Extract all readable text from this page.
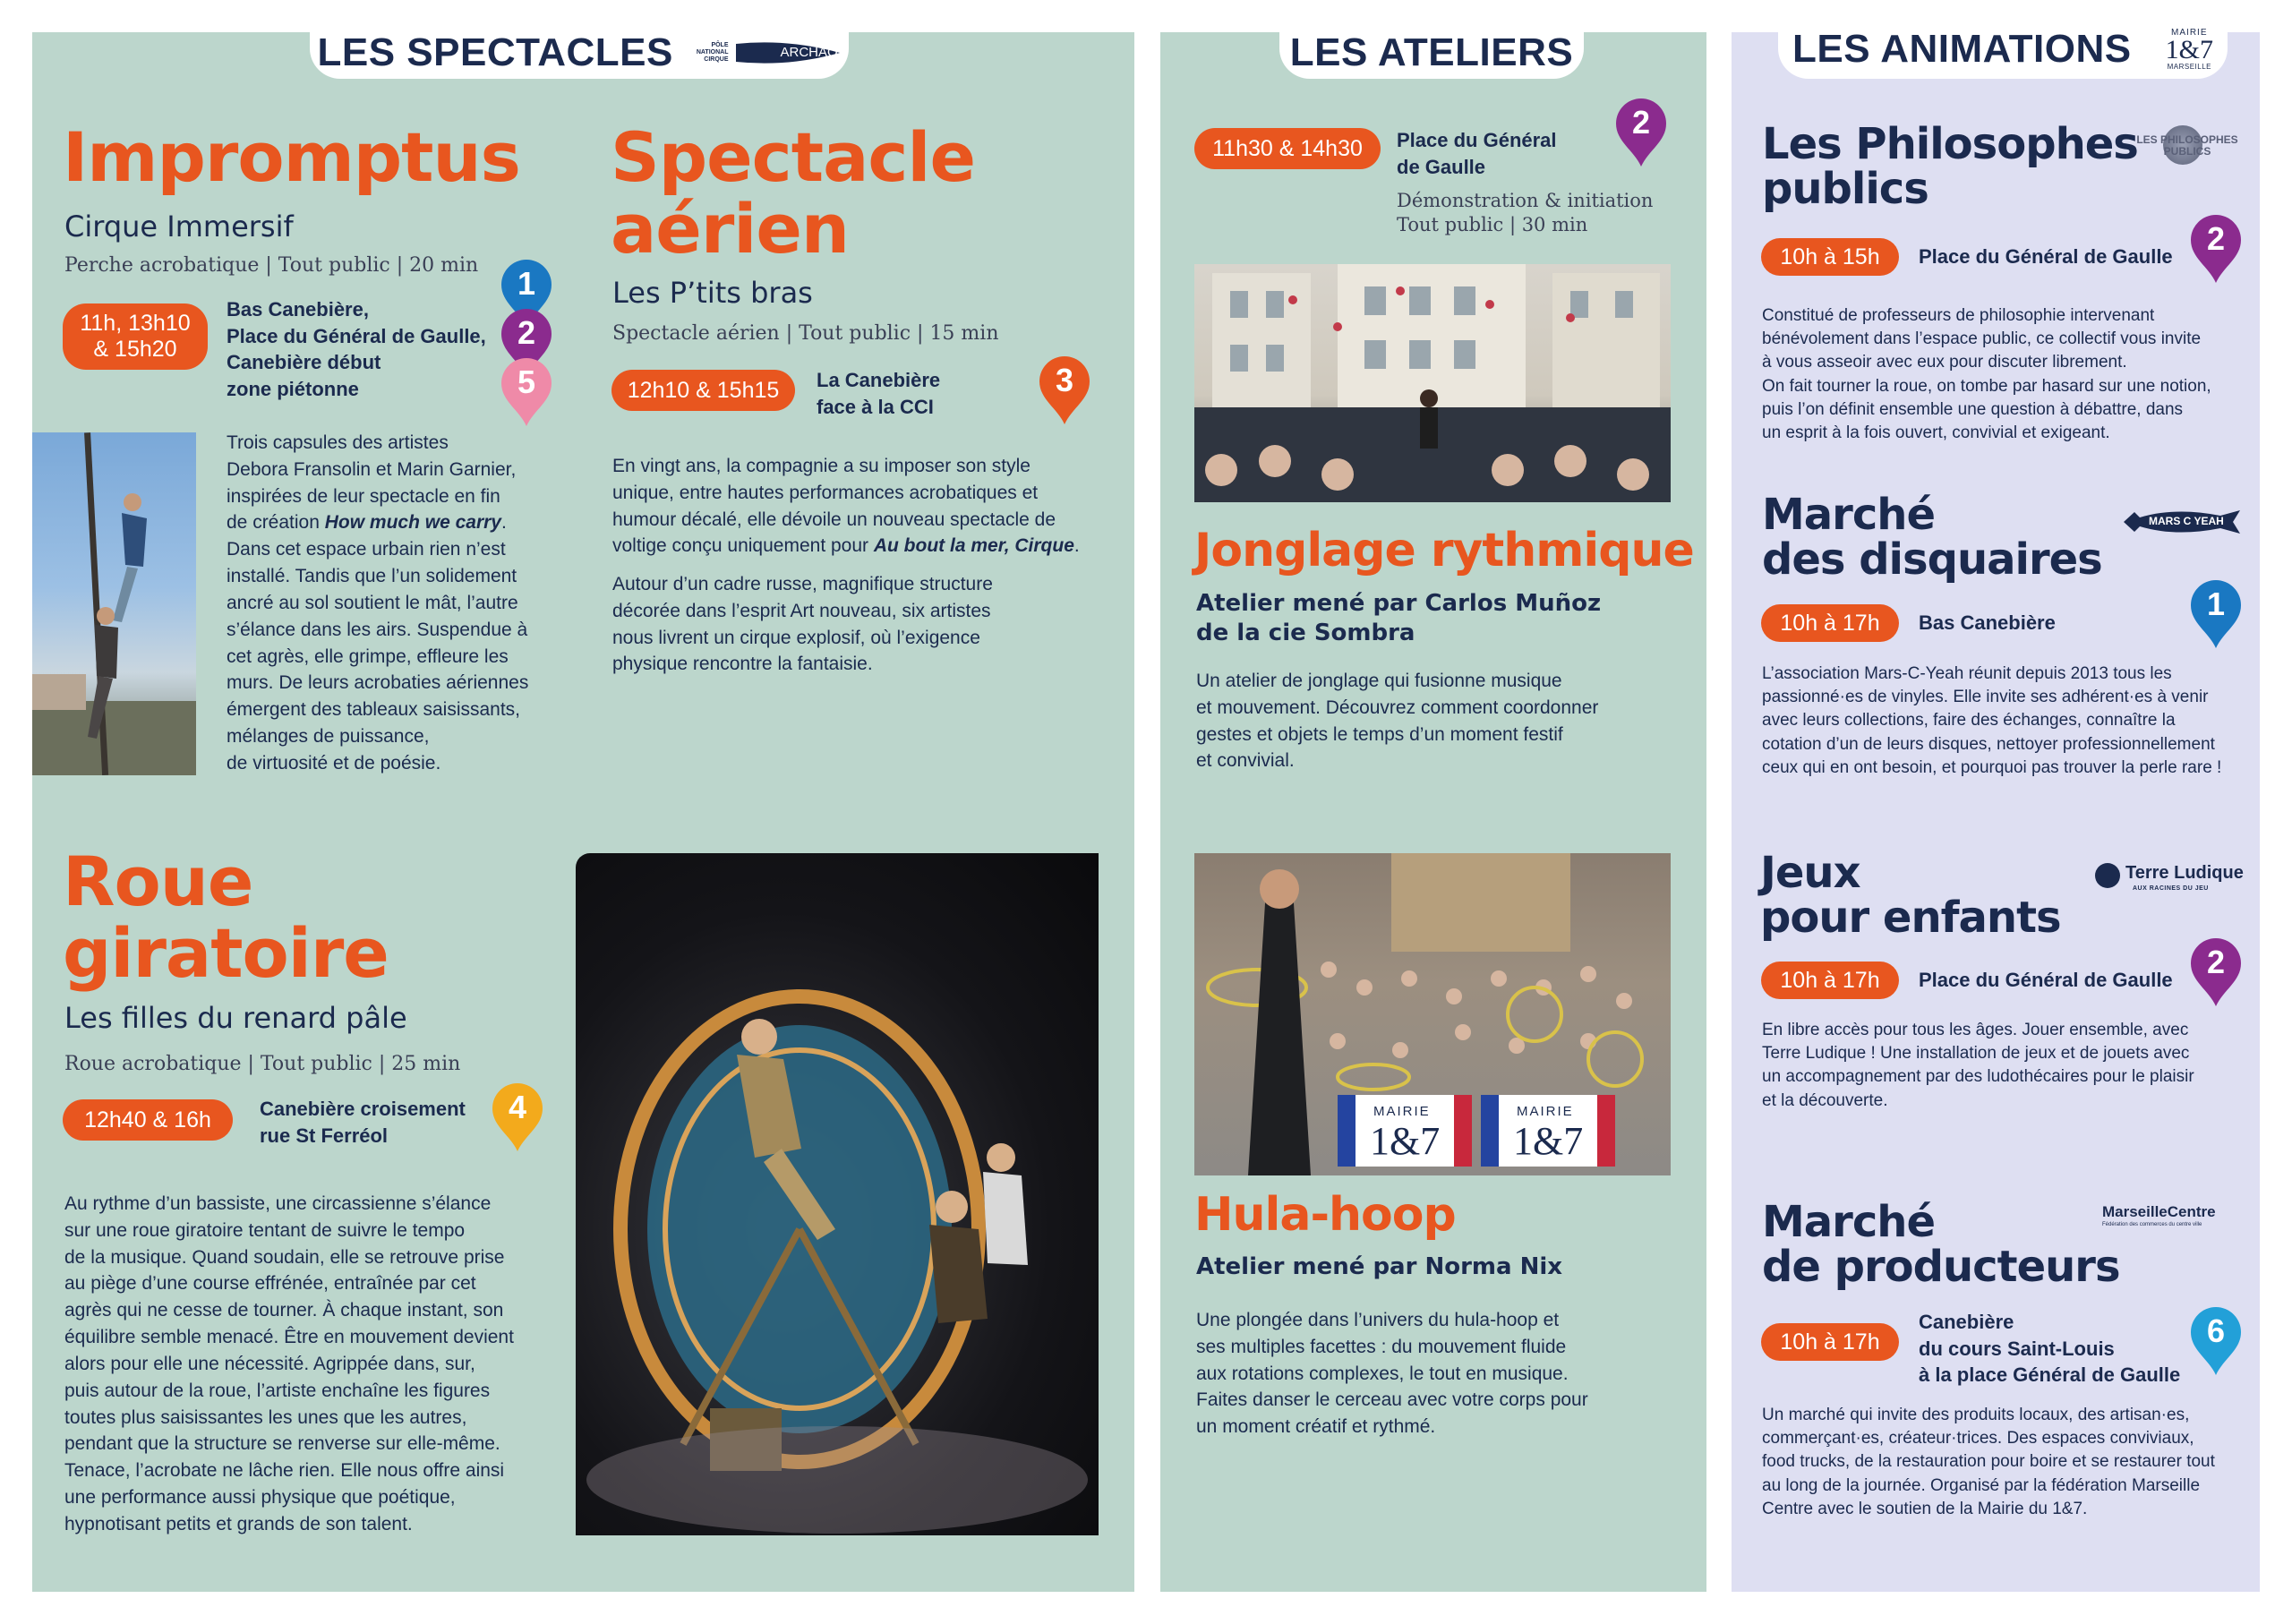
LES SPECTACLES	PÔLE
NATIONAL
CIRQUE	ARCHAOS	LES ATELIERS	LES ANIMATIONS	MAIRIE
1&7
MARSEILLE
Impromptus
Cirque Immersif
Perche acrobatique | Tout public | 20 min
11h, 13h10
& 15h20
Bas Canebière,
Place du Général de Gaulle,
Canebière début
zone piétonne
1
2
5
Trois capsules des artistes
Debora Fransolin et Marin Garnier,
inspirées de leur spectacle en fin
de création How much we carry.
Dans cet espace urbain rien n’est
installé. Tandis que l’un solidement
ancré au sol soutient le mât, l’autre
s’élance dans les airs. Suspendue à
cet agrès, elle grimpe, effleure les
murs. De leurs acrobaties aériennes
émergent des tableaux saisissants,
mélanges de puissance,
de virtuosité et de poésie.
Spectacle
aérien
Les P’tits bras
Spectacle aérien | Tout public | 15 min
12h10 & 15h15	La Canebière
face à la CCI
3
En vingt ans, la compagnie a su imposer son style
unique, entre hautes performances acrobatiques et
humour décalé, elle dévoile un nouveau spectacle de
voltige conçu uniquement pour Au bout la mer, Cirque.
Autour d’un cadre russe, magnifique structure
décorée dans l’esprit Art nouveau, six artistes
nous livrent un cirque explosif, où l’exigence
physique rencontre la fantaisie.
Roue
giratoire
Les filles du renard pâle
Roue acrobatique | Tout public | 25 min
12h40 & 16h	Canebière croisement
rue St Ferréol
4
Au rythme d’un bassiste, une circassienne s’élance
sur une roue giratoire tentant de suivre le tempo
de la musique. Quand soudain, elle se retrouve prise
au piège d’une course effrénée, entraînée par cet
agrès qui ne cesse de tourner. À chaque instant, son
équilibre semble menacé. Être en mouvement devient
alors pour elle une nécessité. Agrippée dans, sur,
puis autour de la roue, l’artiste enchaîne les figures
toutes plus saisissantes les unes que les autres,
pendant que la structure se renverse sur elle-même.
Tenace, l’acrobate ne lâche rien. Elle nous offre ainsi
une performance aussi physique que poétique,
hypnotisant petits et grands de son talent.
11h30 & 14h30	Place du Général
de Gaulle
2
Démonstration & initiation
Tout public | 30 min
Jonglage rythmique
Atelier mené par Carlos Muñoz
de la cie Sombra
Un atelier de jonglage qui fusionne musique
et mouvement. Découvrez comment coordonner
gestes et objets le temps d’un moment festif
et convivial.
MAIRIE
1&7
MAIRIE
1&7
Hula-hoop
Atelier mené par Norma Nix
Une plongée dans l’univers du hula-hoop et
ses multiples facettes : du mouvement fluide
aux rotations complexes, le tout en musique.
Faites danser le cerceau avec votre corps pour
un moment créatif et rythmé.
Les Philosophes
publics
LES PHILOSOPHES
PUBLICS
10h à 15h	Place du Général de Gaulle	2
Constitué de professeurs de philosophie intervenant
bénévolement dans l’espace public, ce collectif vous invite
à vous asseoir avec eux pour discuter librement.
On fait tourner la roue, on tombe par hasard sur une notion,
puis l’on définit ensemble une question à débattre, dans
un esprit à la fois ouvert, convivial et exigeant.
Marché
des disquaires
MARS C YEAH
10h à 17h	Bas Canebière
1
L’association Mars-C-Yeah réunit depuis 2013 tous les
passionné·es de vinyles. Elle invite ses adhérent·es à venir
avec leurs collections, faire des échanges, connaître la
cotation d’un de leurs disques, nettoyer professionnellement
ceux qui en ont besoin, et pourquoi pas trouver la perle rare !
Jeux
pour enfants
Terre Ludique
AUX RACINES DU JEU
10h à 17h	Place du Général de Gaulle	2
En libre accès pour tous les âges. Jouer ensemble, avec
Terre Ludique ! Une installation de jeux et de jouets avec
un accompagnement par des ludothécaires pour le plaisir
et la découverte.
Marché
de producteurs
MarseilleCentre
Fédération des commerces du centre ville
10h à 17h
Canebière
du cours Saint-Louis
à la place Général de Gaulle
6
Un marché qui invite des produits locaux, des artisan·es,
commerçant·es, créateur·trices. Des espaces conviviaux,
food trucks, de la restauration pour boire et se restaurer tout
au long de la journée. Organisé par la fédération Marseille
Centre avec le soutien de la Mairie du 1&7.
